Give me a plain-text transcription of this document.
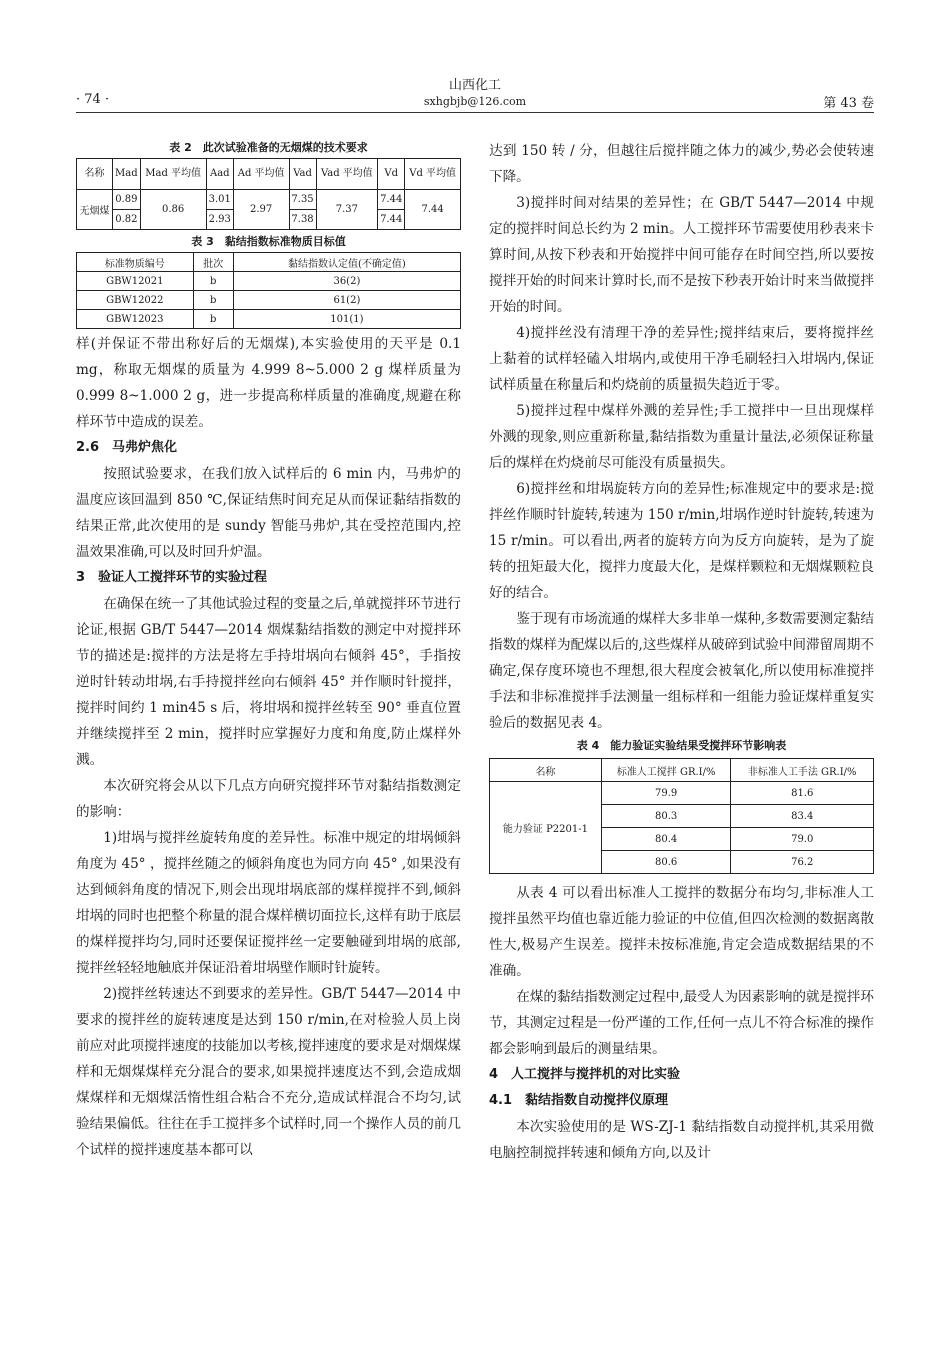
· 74 ·
山西化工
sxhgbjb@126.com	第 43 卷
表 2　此次试验准备的无烟煤的技术要求
名称	Mad	Mad 平均值	Aad	Ad 平均值	Vad	Vad 平均值	Vd	Vd 平均值
无烟煤	0.89	0.86	3.01	2.97	7.35	7.37	7.44	7.44
	0.82		2.93		7.38		7.44	
表 3　黏结指数标准物质目标值
标准物质编号	批次	黏结指数认定值(不确定值)
GBW12021	b	36(2)
GBW12022	b	61(2)
GBW12023	b	101(1)

样(并保证不带出称好后的无烟煤),本实验使用的天平是 0.1 mg，称取无烟煤的质量为 4.999 8~5.000 2 g 煤样质量为 0.999 8~1.000 2 g，进一步提高称样质量的准确度,规避在称样环节中造成的误差。

2.6　马弗炉焦化

按照试验要求，在我们放入试样后的 6 min 内，马弗炉的温度应该回温到 850 ℃,保证结焦时间充足从而保证黏结指数的结果正常,此次使用的是 sundy 智能马弗炉,其在受控范围内,控温效果准确,可以及时回升炉温。

3　验证人工搅拌环节的实验过程

在确保在统一了其他试验过程的变量之后,单就搅拌环节进行论证,根据 GB/T 5447—2014 烟煤黏结指数的测定中对搅拌环节的描述是:搅拌的方法是将左手持坩埚向右倾斜 45°，手指按逆时针转动坩埚,右手持搅拌丝向右倾斜 45° 并作顺时针搅拌，搅拌时间约 1 min45 s 后，将坩埚和搅拌丝转至 90° 垂直位置并继续搅拌至 2 min，搅拌时应掌握好力度和角度,防止煤样外溅。

本次研究将会从以下几点方向研究搅拌环节对黏结指数测定的影响：

1)坩埚与搅拌丝旋转角度的差异性。标准中规定的坩埚倾斜角度为 45° ，搅拌丝随之的倾斜角度也为同方向 45° ,如果没有达到倾斜角度的情况下,则会出现坩埚底部的煤样搅拌不到,倾斜坩埚的同时也把整个称量的混合煤样横切面拉长,这样有助于底层的煤样搅拌均匀,同时还要保证搅拌丝一定要触碰到坩埚的底部,搅拌丝轻轻地触底并保证沿着坩埚壁作顺时针旋转。

2)搅拌丝转速达不到要求的差异性。GB/T 5447—2014 中要求的搅拌丝的旋转速度是达到 150 r/min,在对检验人员上岗前应对此项搅拌速度的技能加以考核,搅拌速度的要求是对烟煤煤样和无烟煤煤样充分混合的要求,如果搅拌速度达不到,会造成烟煤煤样和无烟煤活惰性组合粘合不充分,造成试样混合不均匀,试验结果偏低。往往在手工搅拌多个试样时,同一个操作人员的前几个试样的搅拌速度基本都可以

达到 150 转 / 分，但越往后搅拌随之体力的减少,势必会使转速下降。

3)搅拌时间对结果的差异性；在 GB/T 5447—2014 中规定的搅拌时间总长约为 2 min。人工搅拌环节需要使用秒表来卡算时间,从按下秒表和开始搅拌中间可能存在时间空挡,所以要按搅拌开始的时间来计算时长,而不是按下秒表开始计时来当做搅拌开始的时间。

4)搅拌丝没有清理干净的差异性;搅拌结束后，要将搅拌丝上黏着的试样轻磕入坩埚内,或使用干净毛刷轻扫入坩埚内,保证试样质量在称量后和灼烧前的质量损失趋近于零。

5)搅拌过程中煤样外溅的差异性;手工搅拌中一旦出现煤样外溅的现象,则应重新称量,黏结指数为重量计量法,必须保证称量后的煤样在灼烧前尽可能没有质量损失。

6)搅拌丝和坩埚旋转方向的差异性;标准规定中的要求是:搅拌丝作顺时针旋转,转速为 150 r/min,坩埚作逆时针旋转,转速为 15 r/min。可以看出,两者的旋转方向为反方向旋转，是为了旋转的扭矩最大化，搅拌力度最大化，是煤样颗粒和无烟煤颗粒良好的结合。

鉴于现有市场流通的煤样大多非单一煤种,多数需要测定黏结指数的煤样为配煤以后的,这些煤样从破碎到试验中间滞留周期不确定,保存度环境也不理想,很大程度会被氧化,所以使用标准搅拌手法和非标准搅拌手法测量一组标样和一组能力验证煤样重复实验后的数据见表 4。

表 4　能力验证实验结果受搅拌环节影响表
名称	标准人工搅拌 GR.I/%	非标准人工手法 GR.I/%
能力验证 P2201-1	79.9	81.6
	80.3	83.4
	80.4	79.0
	80.6	76.2

从表 4 可以看出标准人工搅拌的数据分布均匀,非标准人工搅拌虽然平均值也靠近能力验证的中位值,但四次检测的数据离散性大,极易产生误差。搅拌未按标准施,肯定会造成数据结果的不准确。

在煤的黏结指数测定过程中,最受人为因素影响的就是搅拌环节，其测定过程是一份严谨的工作,任何一点儿不符合标准的操作都会影响到最后的测量结果。

4　人工搅拌与搅拌机的对比实验
4.1　黏结指数自动搅拌仪原理

本次实验使用的是 WS-ZJ-1 黏结指数自动搅拌机,其采用微电脑控制搅拌转速和倾角方向,以及计
